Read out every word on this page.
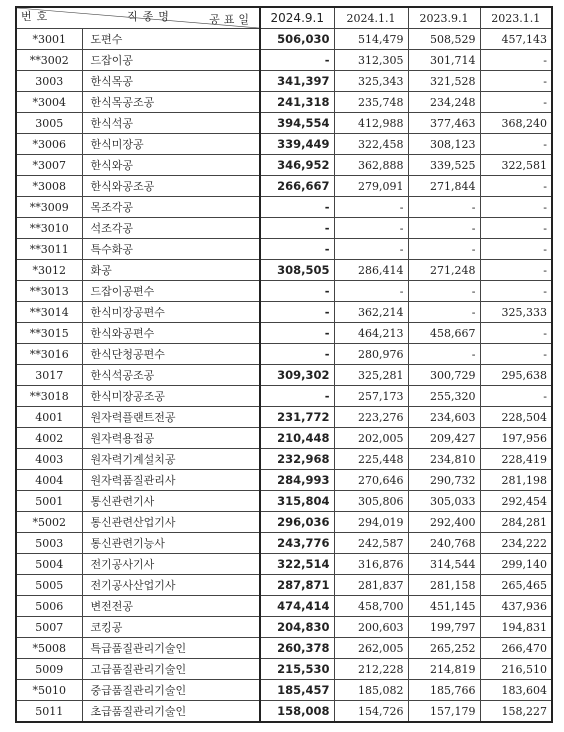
공표일
번호 직종명		2024.9.1	2024.1.1	2023.9.1	2023.1.1
*3001	도편수	506,030	514,479	508,529	457,143
**3002	드잡이공	-	312,305	301,714	-
3003	한식목공	341,397	325,343	321,528	-
*3004	한식목공조공	241,318	235,748	234,248	-
3005	한식석공	394,554	412,988	377,463	368,240
*3006	한식미장공	339,449	322,458	308,123	-
*3007	한식와공	346,952	362,888	339,525	322,581
*3008	한식와공조공	266,667	279,091	271,844	-
**3009	목조각공	-	-	-	-
**3010	석조각공	-	-	-	-
**3011	특수화공	-	-	-	-
*3012	화공	308,505	286,414	271,248	-
**3013	드잡이공편수	-	-	-	-
**3014	한식미장공편수	-	362,214	-	325,333
**3015	한식와공편수	-	464,213	458,667	-
**3016	한식단청공편수	-	280,976	-	-
3017	한식석공조공	309,302	325,281	300,729	295,638
**3018	한식미장공조공	-	257,173	255,320	-
4001	원자력플랜트전공	231,772	223,276	234,603	228,504
4002	원자력용접공	210,448	202,005	209,427	197,956
4003	원자력기계설치공	232,968	225,448	234,810	228,419
4004	원자력품질관리사	284,993	270,646	290,732	281,198
5001	통신관련기사	315,804	305,806	305,033	292,454
*5002	통신관련산업기사	296,036	294,019	292,400	284,281
5003	통신관련기능사	243,776	242,587	240,768	234,222
5004	전기공사기사	322,514	316,876	314,544	299,140
5005	전기공사산업기사	287,871	281,837	281,158	265,465
5006	변전전공	474,414	458,700	451,145	437,936
5007	코킹공	204,830	200,603	199,797	194,831
*5008	특급품질관리기술인	260,378	262,005	265,252	266,470
5009	고급품질관리기술인	215,530	212,228	214,819	216,510
*5010	중급품질관리기술인	185,457	185,082	185,766	183,604
5011	초급품질관리기술인	158,008	154,726	157,179	158,227
